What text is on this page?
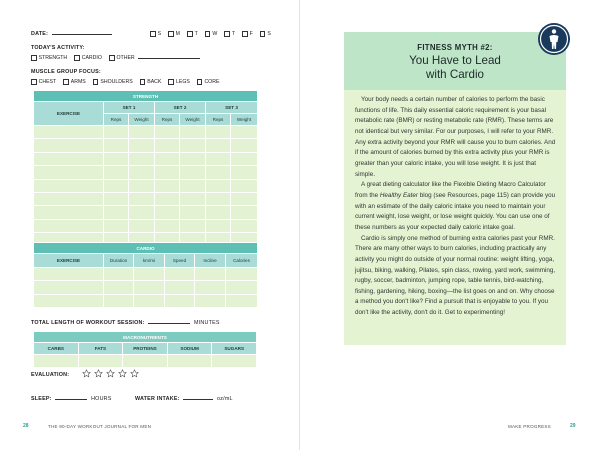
DATE:	S	M	T	W	T	F	S
TODAY'S ACTIVITY:
STRENGTH	CARDIO	OTHER
MUSCLE GROUP FOCUS:
CHEST	ARMS	SHOULDERS	BACK	LEGS	CORE
STRENGTH						
EXERCISE	SET 1		SET 2		SET 3	
	Reps	Weight	Reps	Weight	Reps	Weight

CARDIO					
EXERCISE	Duration	km/mi	Speed	Incline	Calories

TOTAL LENGTH OF WORKOUT SESSION:	MINUTES
MACRONUTRIENTS				
CARBS	FATS	PROTEINS	SODIUM	SUGARS

EVALUATION:
SLEEP:	HOURS	WATER INTAKE:	oz/mL
28	THE 90-DAY WORKOUT JOURNAL FOR MEN
FITNESS MYTH #2:
You Have to Lead
with Cardio

Your body needs a certain number of calories to perform the basic functions of life. This daily essential caloric requirement is your basal metabolic rate (BMR) or resting metabolic rate (RMR). These terms are not identical but very similar. For our purposes, I will refer to your RMR. Any extra activity beyond your RMR will cause you to burn calories. And if the amount of calories burned by this extra activity plus your RMR is greater than your caloric intake, you will lose weight. It is just that simple.

A great dieting calculator like the Flexible Dieting Macro Calculator from the Healthy Eater blog (see Resources, page 115) can provide you with an estimate of the daily caloric intake you need to maintain your current weight, lose weight, or lose weight quickly. You can use one of these numbers as your expected daily caloric intake goal.

Cardio is simply one method of burning extra calories past your RMR. There are many other ways to burn calories, including practically any activity you might do outside of your normal routine: weight lifting, yoga, jujitsu, biking, walking, Pilates, spin class, rowing, yard work, swimming, rugby, soccer, badminton, jumping rope, table tennis, bird-watching, fishing, gardening, hiking, boxing—the list goes on and on. Why choose a method you don't like? Find a pursuit that is enjoyable to you. If you don't like the activity, don't do it. Get to experimenting!

MAKE PROGRESS	29
